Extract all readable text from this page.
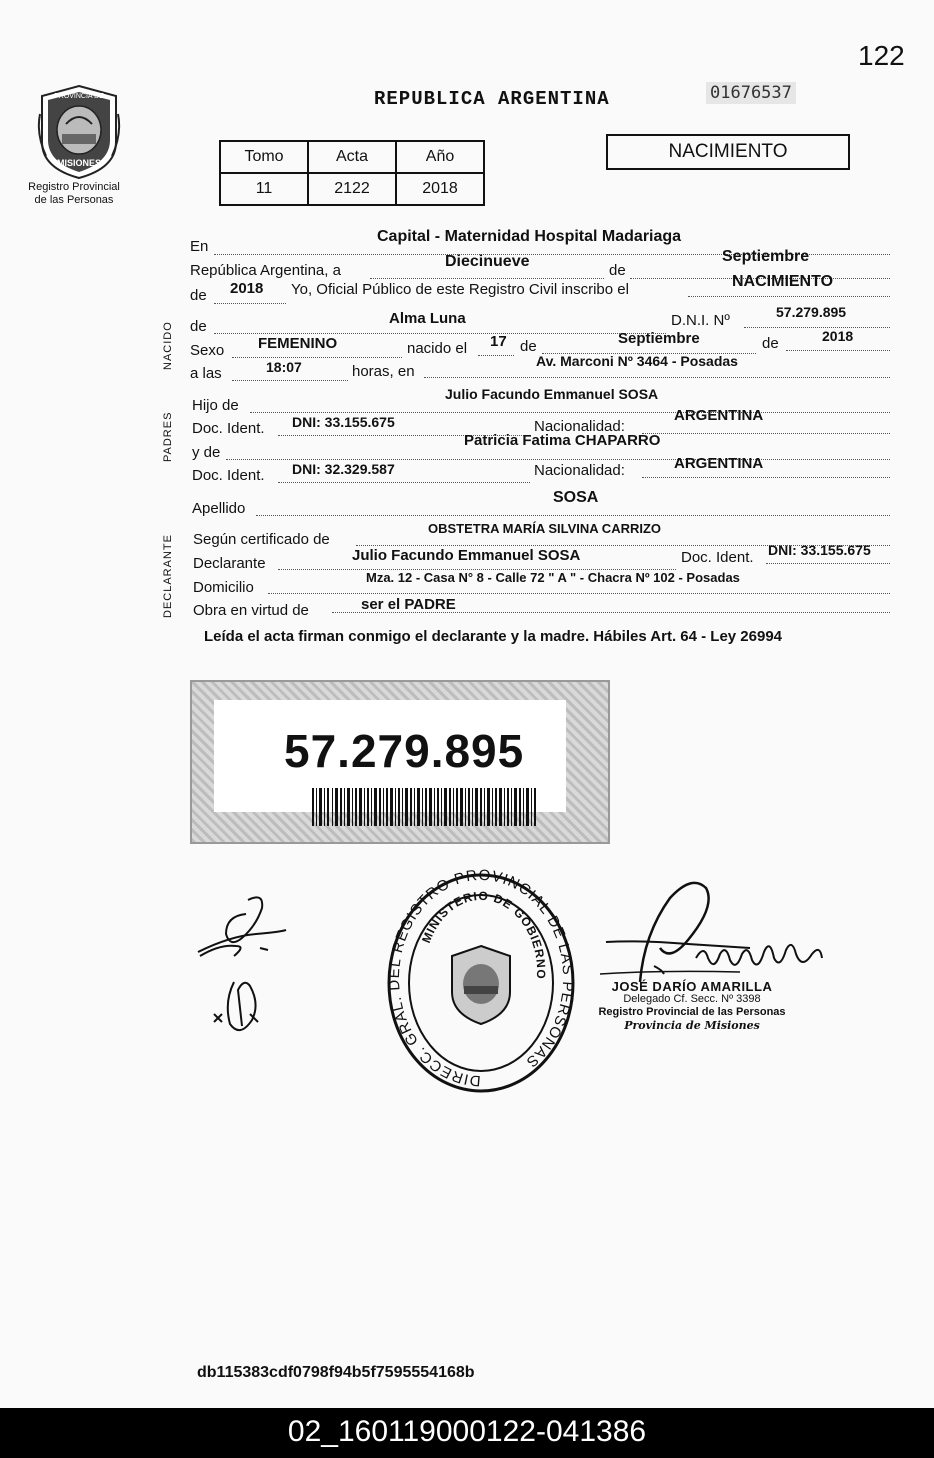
122
PROVINCIA DE
MISIONES
Registro Provincial
de las Personas
REPUBLICA ARGENTINA	01676537
Tomo	Acta	Año
11	2122	2018
NACIMIENTO
NACIDO
PADRES
DECLARANTE
En
Capital - Maternidad Hospital Madariaga
República Argentina, a
Diecinueve
de
Septiembre
de 2018 Yo, Oficial Público de este Registro Civil inscribo el	NACIMIENTO
de	Alma Luna	D.N.I. Nº	57.279.895
Sexo FEMENINO	nacido el 17 de	Septiembre	de	2018
a las	18:07	horas, en
Av. Marconi Nº 3464 - Posadas
Hijo de
Julio Facundo Emmanuel SOSA
Doc. Ident. DNI: 33.155.675	Nacionalidad:
ARGENTINA
y de
Patricia Fatima CHAPARRO
Doc. Ident. DNI: 32.329.587	Nacionalidad:	ARGENTINA
Apellido
SOSA
Según certificado de
OBSTETRA MARÍA SILVINA CARRIZO
Declarante	Julio Facundo Emmanuel SOSA	Doc. Ident. DNI: 33.155.675
Domicilio
Mza. 12 - Casa N° 8 - Calle 72 " A " - Chacra Nº 102 - Posadas
Obra en virtud de	ser el PADRE
Leída el acta firman conmigo el declarante y la madre. Hábiles Art. 64 - Ley 26994
57.279.895
DIRECC. GRAL. DEL REGISTRO PROVINCIAL DE LAS PERSONAS
MINISTERIO DE GOBIERNO
JOSÉ DARÍO AMARILLA
Delegado Cf. Secc. Nº 3398
Registro Provincial de las Personas
Provincia de Misiones
db115383cdf0798f94b5f7595554168b
02_160119000122-041386
